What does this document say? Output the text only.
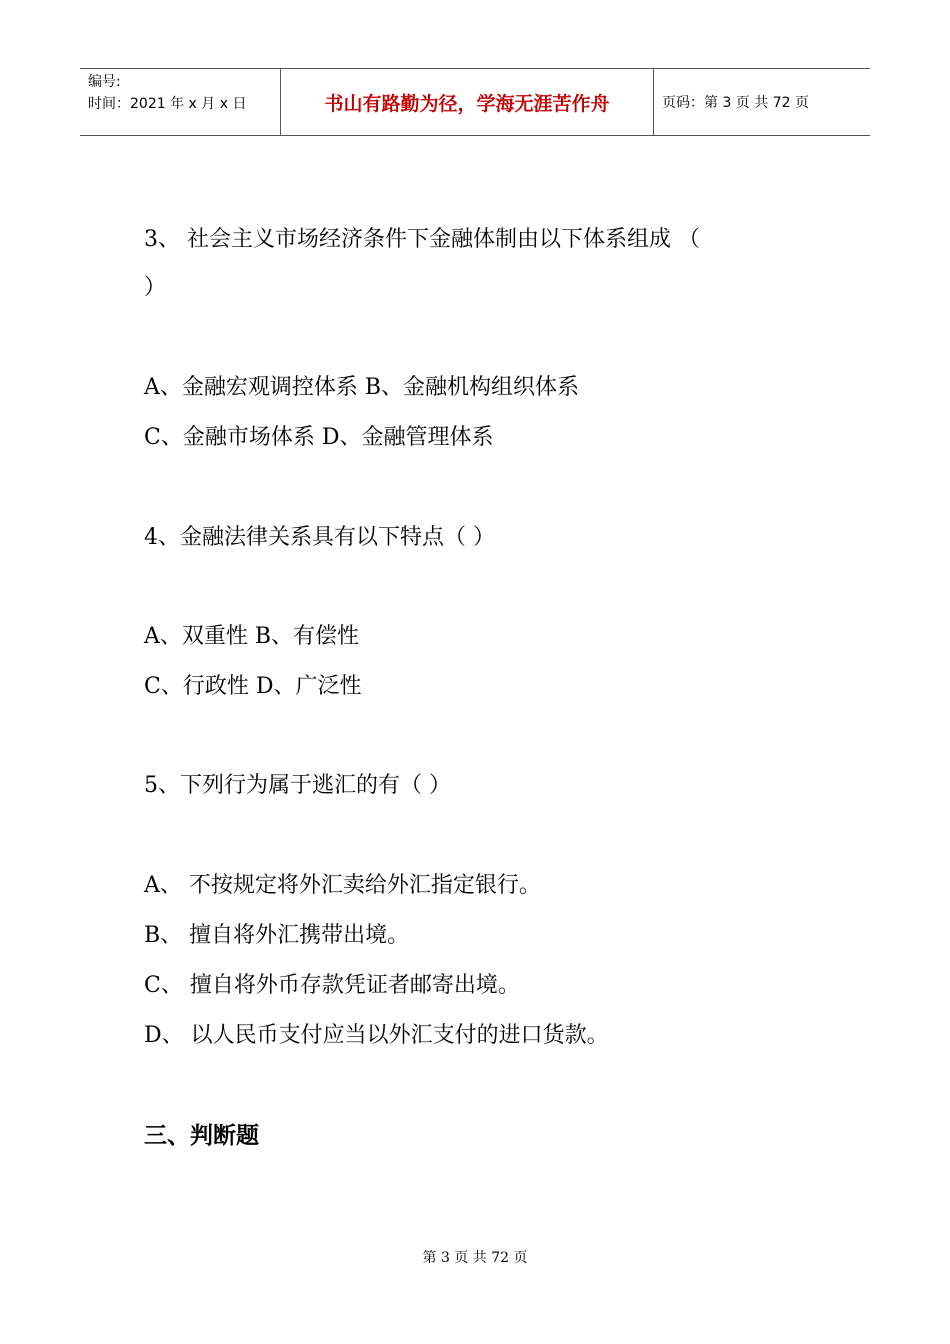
编号:
时间：2021 年 x 月 x 日	书山有路勤为径，学海无涯苦作舟	页码：第 3 页 共 72 页
3、 社会主义市场经济条件下金融体制由以下体系组成 （
）
A、金融宏观调控体系 B、金融机构组织体系
C、金融市场体系 D、金融管理体系
4、金融法律关系具有以下特点（ ）
A、双重性 B、有偿性
C、行政性 D、广泛性
5、下列行为属于逃汇的有（ ）
A、 不按规定将外汇卖给外汇指定银行。
B、 擅自将外汇携带出境。
C、 擅自将外币存款凭证者邮寄出境。
D、 以人民币支付应当以外汇支付的进口货款。
三、判断题
第 3 页 共 72 页
